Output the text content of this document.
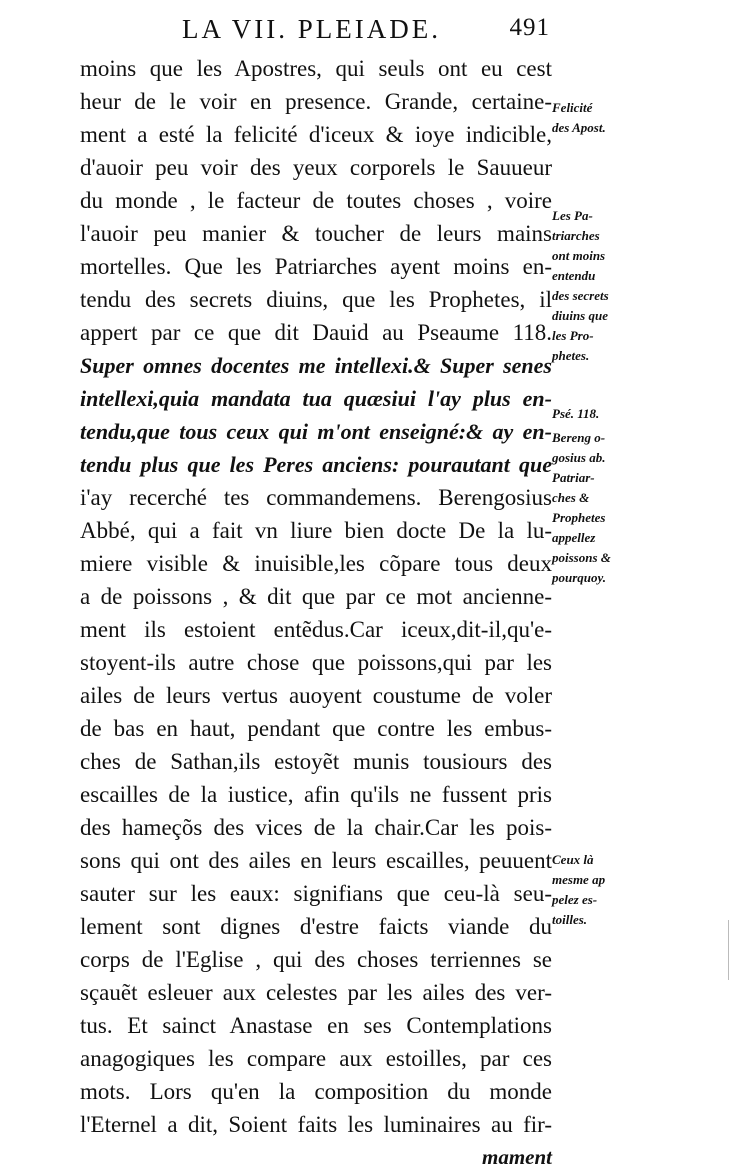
LA VII. PLEIADE.	491
moins que les Apostres, qui seuls ont eu cest
heur de le voir en presence. Grande, certaine-
ment a esté la felicité d'iceux & ioye indicible,
d'auoir peu voir des yeux corporels le Sauueur
du monde , le facteur de toutes choses , voire
l'auoir peu manier & toucher de leurs mains
mortelles. Que les Patriarches ayent moins en-
tendu des secrets diuins, que les Prophetes, il
appert par ce que dit Dauid au Pseaume 118.
Super omnes docentes me intellexi.& Super senes
intellexi,quia mandata tua quæsiui l'ay plus en-
tendu,que tous ceux qui m'ont enseigné:& ay en-
tendu plus que les Peres anciens: pourautant que
i'ay recerché tes commandemens. Berengosius
Abbé, qui a fait vn liure bien docte De la lu-
miere visible & inuisible,les cõpare tous deux
a de poissons , & dit que par ce mot ancienne-
ment ils estoient entẽdus.Car iceux,dit-il,qu'e-
stoyent-ils autre chose que poissons,qui par les
ailes de leurs vertus auoyent coustume de voler
de bas en haut, pendant que contre les embus-
ches de Sathan,ils estoyẽt munis tousiours des
escailles de la iustice, afin qu'ils ne fussent pris
des hameçõs des vices de la chair.Car les pois-
sons qui ont des ailes en leurs escailles, peuuent
sauter sur les eaux: signifians que ceu-là seu-
lement sont dignes d'estre faicts viande du
corps de l'Eglise , qui des choses terriennes se
sçauẽt esleuer aux celestes par les ailes des ver-
tus. Et sainct Anastase en ses Contemplations
anagogiques les compare aux estoilles, par ces
mots. Lors qu'en la composition du monde
l'Eternel a dit, Soient faits les luminaires au fir-
mament
Felicité
des Apost.
Les Pa-
triarches
ont moins
entendu
des secrets
diuins que
les Pro-
phetes.
Psé. 118.
Bereng o-
gosius ab.
Patriar-
ches &
Prophetes
appellez
poissons &
pourquoy.
Ceux là
mesme ap
pelez es-
toilles.
